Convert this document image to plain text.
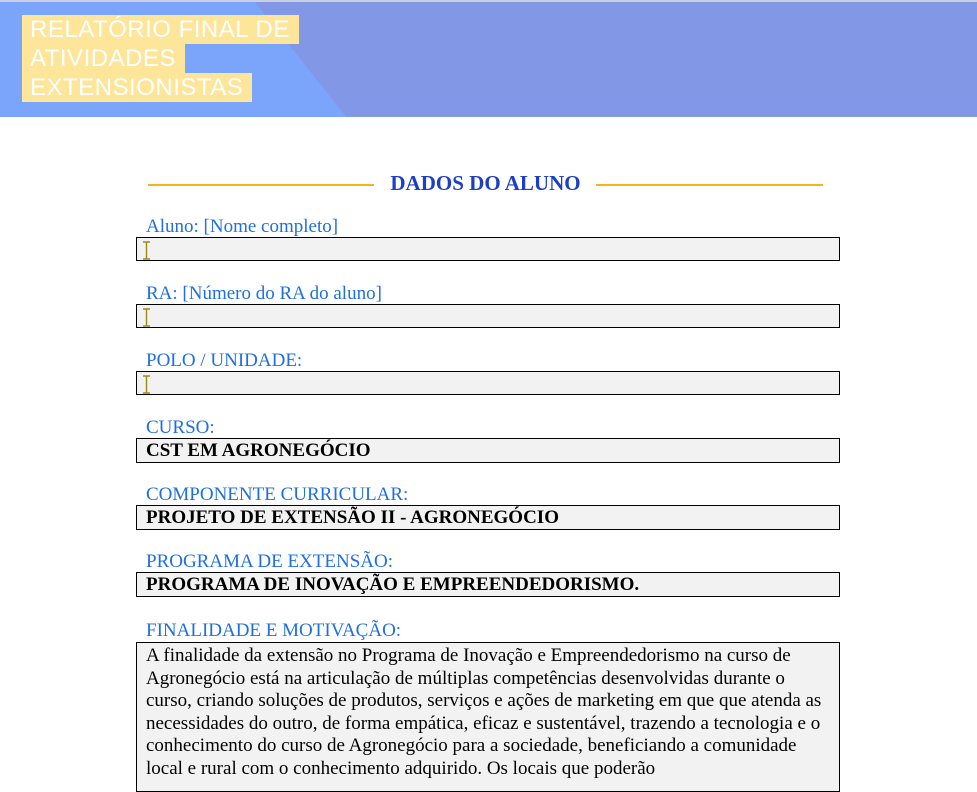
RELATÓRIO FINAL DE
ATIVIDADES
EXTENSIONISTAS
DADOS DO ALUNO
Aluno: [Nome completo]
RA: [Número do RA do aluno]
POLO / UNIDADE:
CURSO:
CST EM AGRONEGÓCIO
COMPONENTE CURRICULAR:
PROJETO DE EXTENSÃO II - AGRONEGÓCIO
PROGRAMA DE EXTENSÃO:
PROGRAMA DE INOVAÇÃO E EMPREENDEDORISMO.
FINALIDADE E MOTIVAÇÃO:
A finalidade da extensão no Programa de Inovação e Empreendedorismo na curso de Agronegócio está na articulação de múltiplas competências desenvolvidas durante o curso, criando soluções de produtos, serviços e ações de marketing em que que atenda as necessidades do outro, de forma empática, eficaz e sustentável, trazendo a tecnologia e o conhecimento do curso de Agronegócio para a sociedade, beneficiando a comunidade local e rural com o conhecimento adquirido. Os locais que poderão
